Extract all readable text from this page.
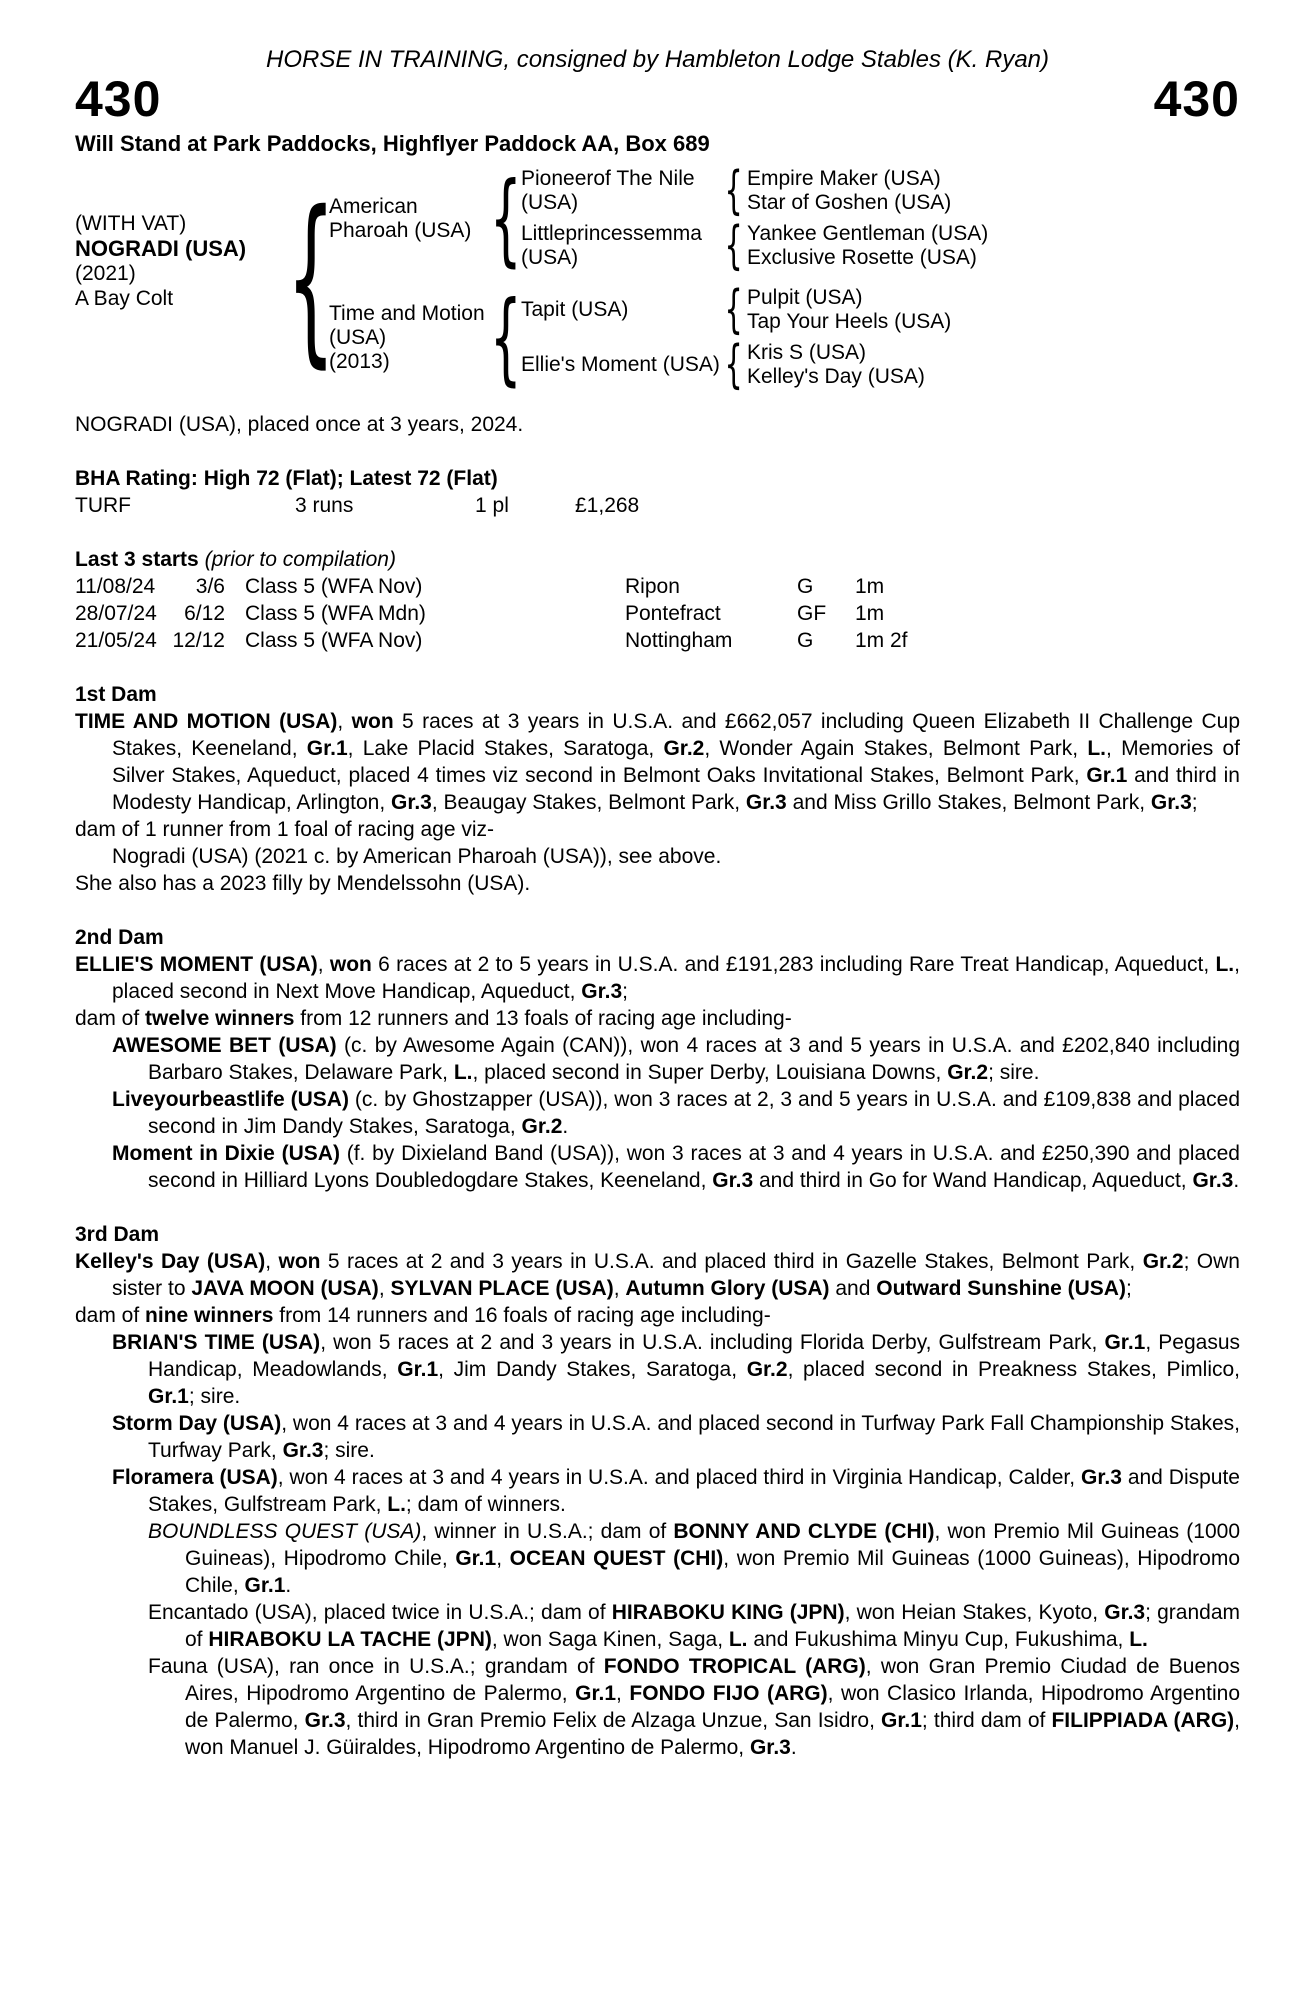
HORSE IN TRAINING, consigned by Hambleton Lodge Stables (K. Ryan)
430	430
Will Stand at Park Paddocks, Highflyer Paddock AA, Box 689
(WITH VAT)
NOGRADI (USA)
(2021)
A Bay Colt {
American Pharoah (USA) { Pioneerof The Nile (USA)	{ Empire Maker (USA)
Star of Goshen (USA)
Littleprincessemma (USA)	{ Yankee Gentleman (USA)
Exclusive Rosette (USA)
Time and Motion (USA)
(2013)	{ Tapit (USA)	{ Pulpit (USA)
Tap Your Heels (USA)
Ellie's Moment (USA) { Kris S (USA)
Kelley's Day (USA)
NOGRADI (USA), placed once at 3 years, 2024.
BHA Rating: High 72 (Flat); Latest 72 (Flat)
TURF	3 runs	1 pl	£1,268
Last 3 starts (prior to compilation)
11/08/24	3/6 Class 5 (WFA Nov)	Ripon	G	1m
28/07/24	6/12 Class 5 (WFA Mdn)	Pontefract	GF	1m
21/05/24 12/12 Class 5 (WFA Nov)	Nottingham	G	1m 2f
1st Dam

TIME AND MOTION (USA), won 5 races at 3 years in U.S.A. and £662,057 including Queen Elizabeth II Challenge Cup Stakes, Keeneland, Gr.1, Lake Placid Stakes, Saratoga, Gr.2, Wonder Again Stakes, Belmont Park, L., Memories of Silver Stakes, Aqueduct, placed 4 times viz second in Belmont Oaks Invitational Stakes, Belmont Park, Gr.1 and third in Modesty Handicap, Arlington, Gr.3, Beaugay Stakes, Belmont Park, Gr.3 and Miss Grillo Stakes, Belmont Park, Gr.3;

dam of 1 runner from 1 foal of racing age viz-

Nogradi (USA) (2021 c. by American Pharoah (USA)), see above.

She also has a 2023 filly by Mendelssohn (USA).

2nd Dam

ELLIE'S MOMENT (USA), won 6 races at 2 to 5 years in U.S.A. and £191,283 including Rare Treat Handicap, Aqueduct, L., placed second in Next Move Handicap, Aqueduct, Gr.3;

dam of twelve winners from 12 runners and 13 foals of racing age including-

AWESOME BET (USA) (c. by Awesome Again (CAN)), won 4 races at 3 and 5 years in U.S.A. and £202,840 including Barbaro Stakes, Delaware Park, L., placed second in Super Derby, Louisiana Downs, Gr.2; sire.

Liveyourbeastlife (USA) (c. by Ghostzapper (USA)), won 3 races at 2, 3 and 5 years in U.S.A. and £109,838 and placed second in Jim Dandy Stakes, Saratoga, Gr.2.

Moment in Dixie (USA) (f. by Dixieland Band (USA)), won 3 races at 3 and 4 years in U.S.A. and £250,390 and placed second in Hilliard Lyons Doubledogdare Stakes, Keeneland, Gr.3 and third in Go for Wand Handicap, Aqueduct, Gr.3.

3rd Dam

Kelley's Day (USA), won 5 races at 2 and 3 years in U.S.A. and placed third in Gazelle Stakes, Belmont Park, Gr.2; Own sister to JAVA MOON (USA), SYLVAN PLACE (USA), Autumn Glory (USA) and Outward Sunshine (USA);

dam of nine winners from 14 runners and 16 foals of racing age including-

BRIAN'S TIME (USA), won 5 races at 2 and 3 years in U.S.A. including Florida Derby, Gulfstream Park, Gr.1, Pegasus Handicap, Meadowlands, Gr.1, Jim Dandy Stakes, Saratoga, Gr.2, placed second in Preakness Stakes, Pimlico, Gr.1; sire.

Storm Day (USA), won 4 races at 3 and 4 years in U.S.A. and placed second in Turfway Park Fall Championship Stakes, Turfway Park, Gr.3; sire.

Floramera (USA), won 4 races at 3 and 4 years in U.S.A. and placed third in Virginia Handicap, Calder, Gr.3 and Dispute Stakes, Gulfstream Park, L.; dam of winners.

BOUNDLESS QUEST (USA), winner in U.S.A.; dam of BONNY AND CLYDE (CHI), won Premio Mil Guineas (1000 Guineas), Hipodromo Chile, Gr.1, OCEAN QUEST (CHI), won Premio Mil Guineas (1000 Guineas), Hipodromo Chile, Gr.1.

Encantado (USA), placed twice in U.S.A.; dam of HIRABOKU KING (JPN), won Heian Stakes, Kyoto, Gr.3; grandam of HIRABOKU LA TACHE (JPN), won Saga Kinen, Saga, L. and Fukushima Minyu Cup, Fukushima, L.

Fauna (USA), ran once in U.S.A.; grandam of FONDO TROPICAL (ARG), won Gran Premio Ciudad de Buenos Aires, Hipodromo Argentino de Palermo, Gr.1, FONDO FIJO (ARG), won Clasico Irlanda, Hipodromo Argentino de Palermo, Gr.3, third in Gran Premio Felix de Alzaga Unzue, San Isidro, Gr.1; third dam of FILIPPIADA (ARG), won Manuel J. Güiraldes, Hipodromo Argentino de Palermo, Gr.3.
